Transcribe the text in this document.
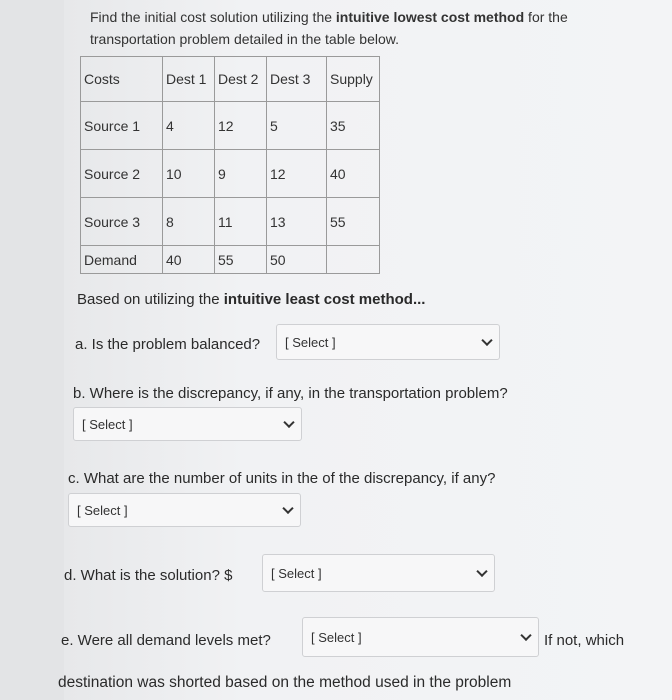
Find the initial cost solution utilizing the intuitive lowest cost method for the transportation problem detailed in the table below.
Costs	Dest 1	Dest 2	Dest 3	Supply
Source 1	4	12	5	35
Source 2	10	9	12	40
Source 3	8	11	13	55
Demand	40	55	50	
Based on utilizing the intuitive least cost method...
a. Is the problem balanced? [ Select ]
b. Where is the discrepancy, if any, in the transportation problem?
[ Select ]
c. What are the number of units in the of the discrepancy, if any?
[ Select ]
d. What is the solution? $	[ Select ]
e. Were all demand levels met?	[ Select ]	If not, which
destination was shorted based on the method used in the problem
